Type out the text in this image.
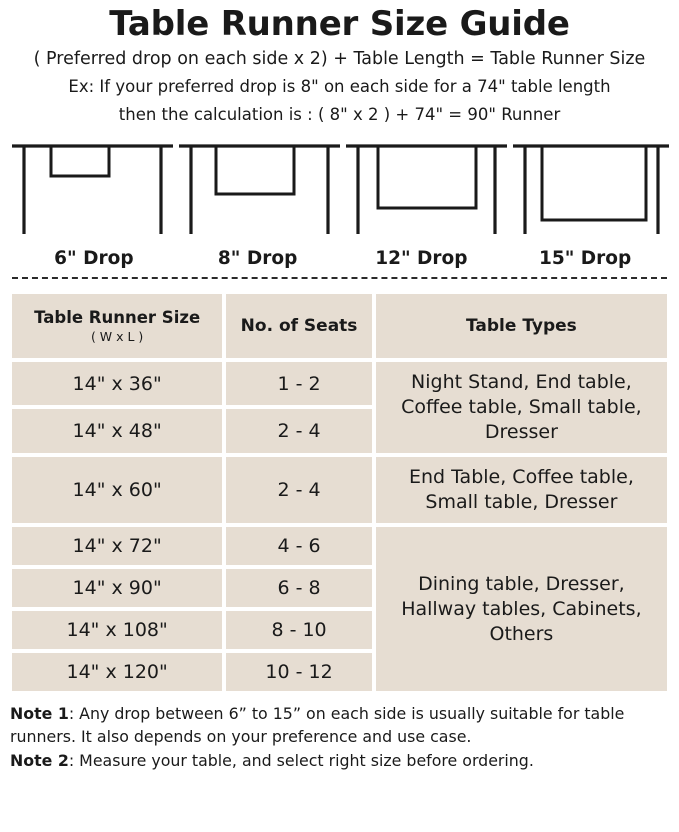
Table Runner Size Guide
( Preferred drop on each side x 2) + Table Length = Table Runner Size
Ex: If your preferred drop is 8" on each side for a 74" table length
then the calculation is : ( 8" x 2 ) + 74" = 90" Runner
6" Drop	8" Drop	12" Drop	15" Drop
Table Runner Size
( W x L )	No. of Seats	Table Types
14" x 36"	1 - 2	Night Stand, End table, Coffee table, Small table, Dresser
14" x 48"	2 - 4	
14" x 60"	2 - 4	End Table, Coffee table, Small table, Dresser
14" x 72"	4 - 6	Dining table, Dresser, Hallway tables, Cabinets, Others
14" x 90"	6 - 8	
14" x 108"	8 - 10	
14" x 120"	10 - 12	
Note 1: Any drop between 6” to 15” on each side is usually suitable for table runners. It also depends on your preference and use case.
Note 2: Measure your table, and select right size before ordering.
